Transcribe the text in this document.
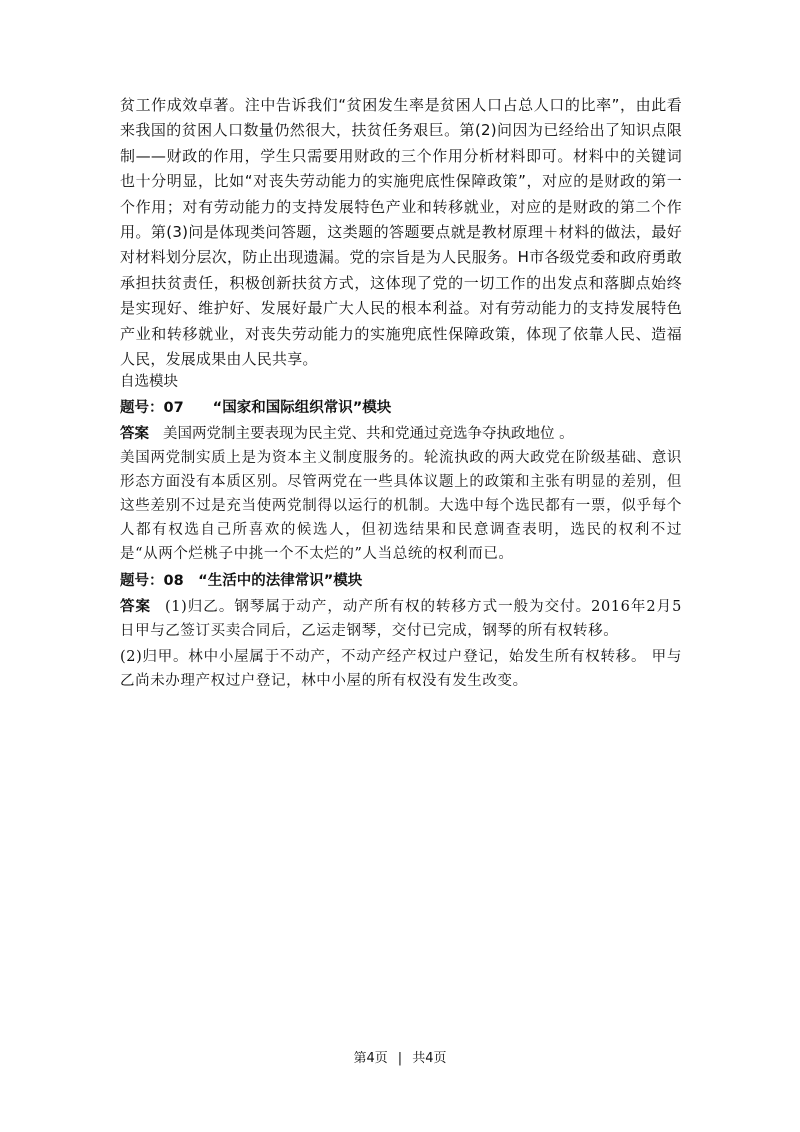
贫工作成效卓著。注中告诉我们“贫困发生率是贫困人口占总人口的比率”，由此看来我国的贫困人口数量仍然很大，扶贫任务艰巨。第(2)问因为已经给出了知识点限制——财政的作用，学生只需要用财政的三个作用分析材料即可。材料中的关键词也十分明显，比如“对丧失劳动能力的实施兜底性保障政策”，对应的是财政的第一个作用；对有劳动能力的支持发展特色产业和转移就业，对应的是财政的第二个作用。第(3)问是体现类问答题，这类题的答题要点就是教材原理＋材料的做法，最好对材料划分层次，防止出现遗漏。党的宗旨是为人民服务。H市各级党委和政府勇敢承担扶贫责任，积极创新扶贫方式，这体现了党的一切工作的出发点和落脚点始终是实现好、维护好、发展好最广大人民的根本利益。对有劳动能力的支持发展特色产业和转移就业，对丧失劳动能力的实施兜底性保障政策，体现了依靠人民、造福人民，发展成果由人民共享。

自选模块

题号：07　　“国家和国际组织常识”模块

答案 美国两党制主要表现为民主党、共和党通过竞选争夺执政地位 。

美国两党制实质上是为资本主义制度服务的。轮流执政的两大政党在阶级基础、意识形态方面没有本质区别。尽管两党在一些具体议题上的政策和主张有明显的差别，但这些差别不过是充当使两党制得以运行的机制。大选中每个选民都有一票，似乎每个人都有权选自己所喜欢的候选人，但初选结果和民意调查表明，选民的权利不过是“从两个烂桃子中挑一个不太烂的”人当总统的权利而已。

题号：08　“生活中的法律常识”模块

答案 (1)归乙。钢琴属于动产，动产所有权的转移方式一般为交付。2016年2月5日甲与乙签订买卖合同后，乙运走钢琴，交付已完成，钢琴的所有权转移。

(2)归甲。林中小屋属于不动产，不动产经产权过户登记，始发生所有权转移。 甲与乙尚未办理产权过户登记，林中小屋的所有权没有发生改变。

第4页 | 共4页
